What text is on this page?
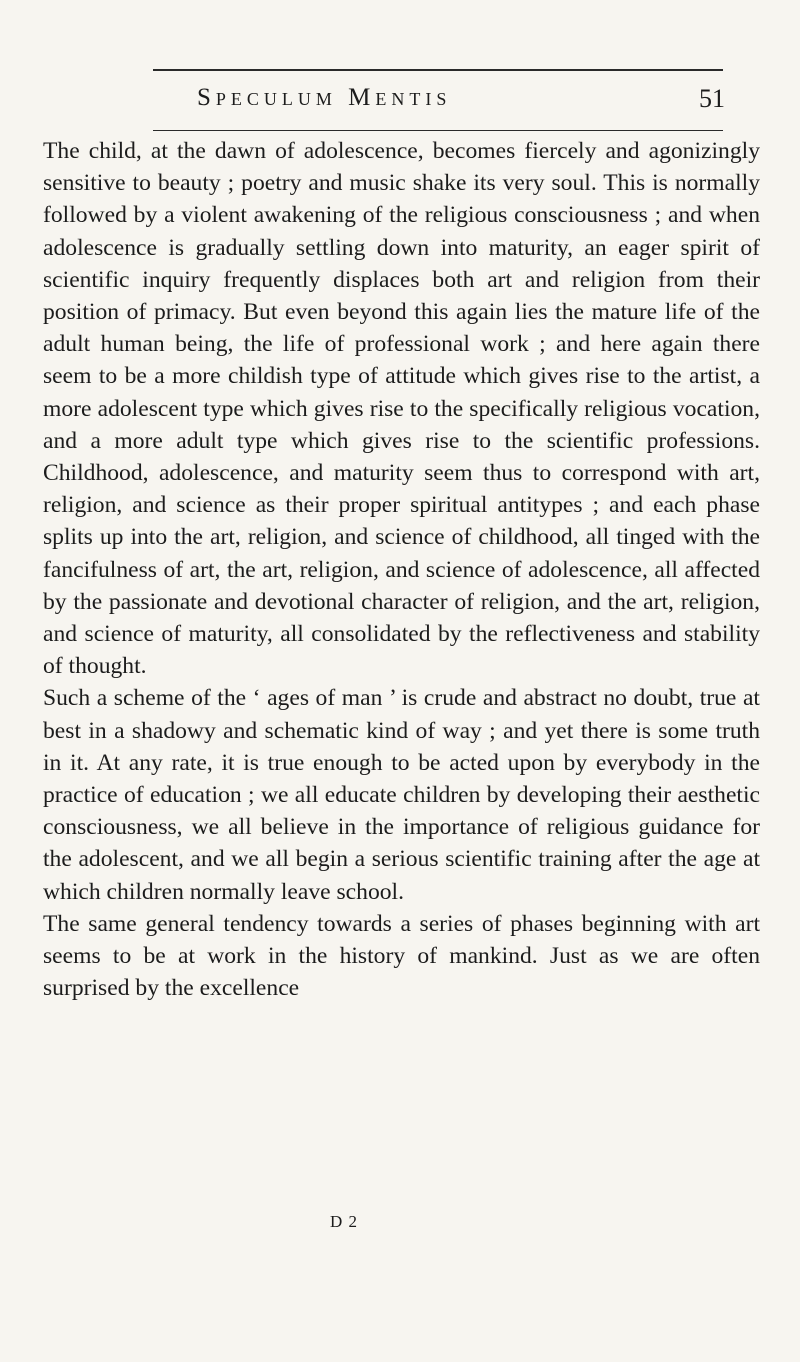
Speculum Mentis	51

The child, at the dawn of adolescence, becomes fiercely and agonizingly sensitive to beauty ; poetry and music shake its very soul. This is normally followed by a violent awakening of the religious consciousness ; and when adolescence is gradually settling down into maturity, an eager spirit of scientific inquiry frequently displaces both art and religion from their position of primacy. But even beyond this again lies the mature life of the adult human being, the life of professional work ; and here again there seem to be a more childish type of attitude which gives rise to the artist, a more adolescent type which gives rise to the specifically religious vocation, and a more adult type which gives rise to the scientific professions. Childhood, adolescence, and maturity seem thus to correspond with art, religion, and science as their proper spiritual antitypes ; and each phase splits up into the art, religion, and science of childhood, all tinged with the fancifulness of art, the art, religion, and science of adolescence, all affected by the passionate and devotional character of religion, and the art, religion, and science of maturity, all consolidated by the reflectiveness and stability of thought.

Such a scheme of the ‘ ages of man ’ is crude and abstract no doubt, true at best in a shadowy and schematic kind of way ; and yet there is some truth in it. At any rate, it is true enough to be acted upon by everybody in the practice of education ; we all educate children by developing their aesthetic consciousness, we all believe in the importance of religious guidance for the adolescent, and we all begin a serious scientific training after the age at which children normally leave school.

The same general tendency towards a series of phases beginning with art seems to be at work in the history of mankind. Just as we are often surprised by the excellence

D 2
